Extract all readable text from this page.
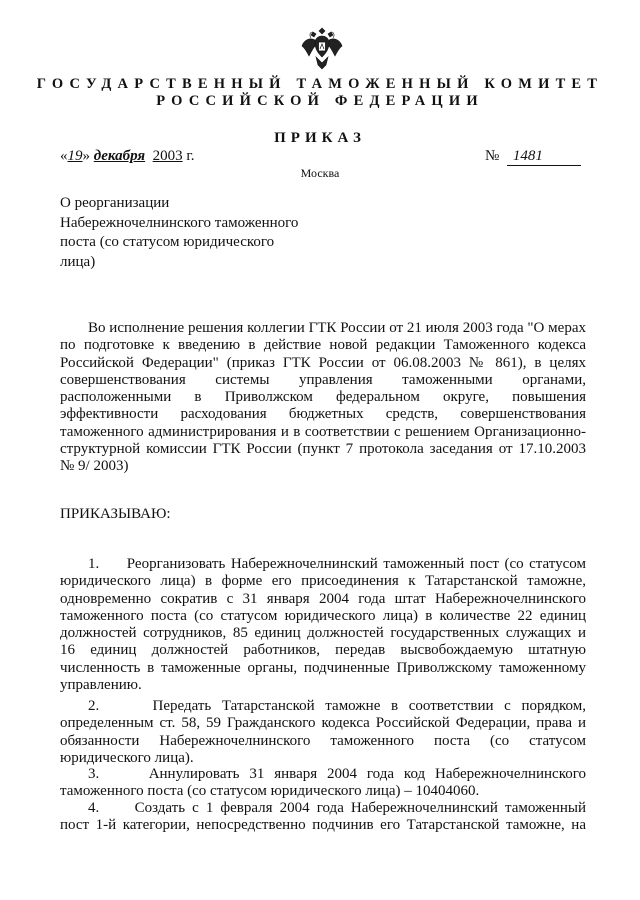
ГОСУДАРСТВЕННЫЙ ТАМОЖЕННЫЙ КОМИТЕТ
РОССИЙСКОЙ ФЕДЕРАЦИИ
ПРИКАЗ
«19» декабря 2003 г.	№ 1481
Москва
О реорганизации
Набережночелнинского таможенного
поста (со статусом юридического
лица)
Во исполнение решения коллегии ГТК России от 21 июля 2003 года "О мерах
по подготовке к введению в действие новой редакции Таможенного кодекса
Российской Федерации" (приказ ГТК России от 06.08.2003 № 861), в целях
совершенствования системы управления таможенными органами,
расположенными в Приволжском федеральном округе, повышения
эффективности расходования бюджетных средств, совершенствования
таможенного администрирования и в соответствии с решением Организационно-
структурной комиссии ГТК России (пункт 7 протокола заседания от 17.10.2003
№ 9/ 2003)
ПРИКАЗЫВАЮ:
1. Реорганизовать Набережночелнинский таможенный пост (со статусом
юридического лица) в форме его присоединения к Татарстанской таможне,
одновременно сократив с 31 января 2004 года штат Набережночелнинского
таможенного поста (со статусом юридического лица) в количестве 22 единиц
должностей сотрудников, 85 единиц должностей государственных служащих и
16 единиц должностей работников, передав высвобождаемую штатную
численность в таможенные органы, подчиненные Приволжскому таможенному
управлению.
2.	Передать Татарстанской таможне в соответствии с порядком,
определенным ст. 58, 59 Гражданского кодекса Российской Федерации, права и
обязанности Набережночелнинского таможенного поста (со статусом
юридического лица).
3.	Аннулировать 31 января 2004 года код Набережночелнинского
таможенного поста (со статусом юридического лица) – 10404060.
4. Создать с 1 февраля 2004 года Набережночелнинский таможенный
пост 1-й категории, непосредственно подчинив его Татарстанской таможне, на
